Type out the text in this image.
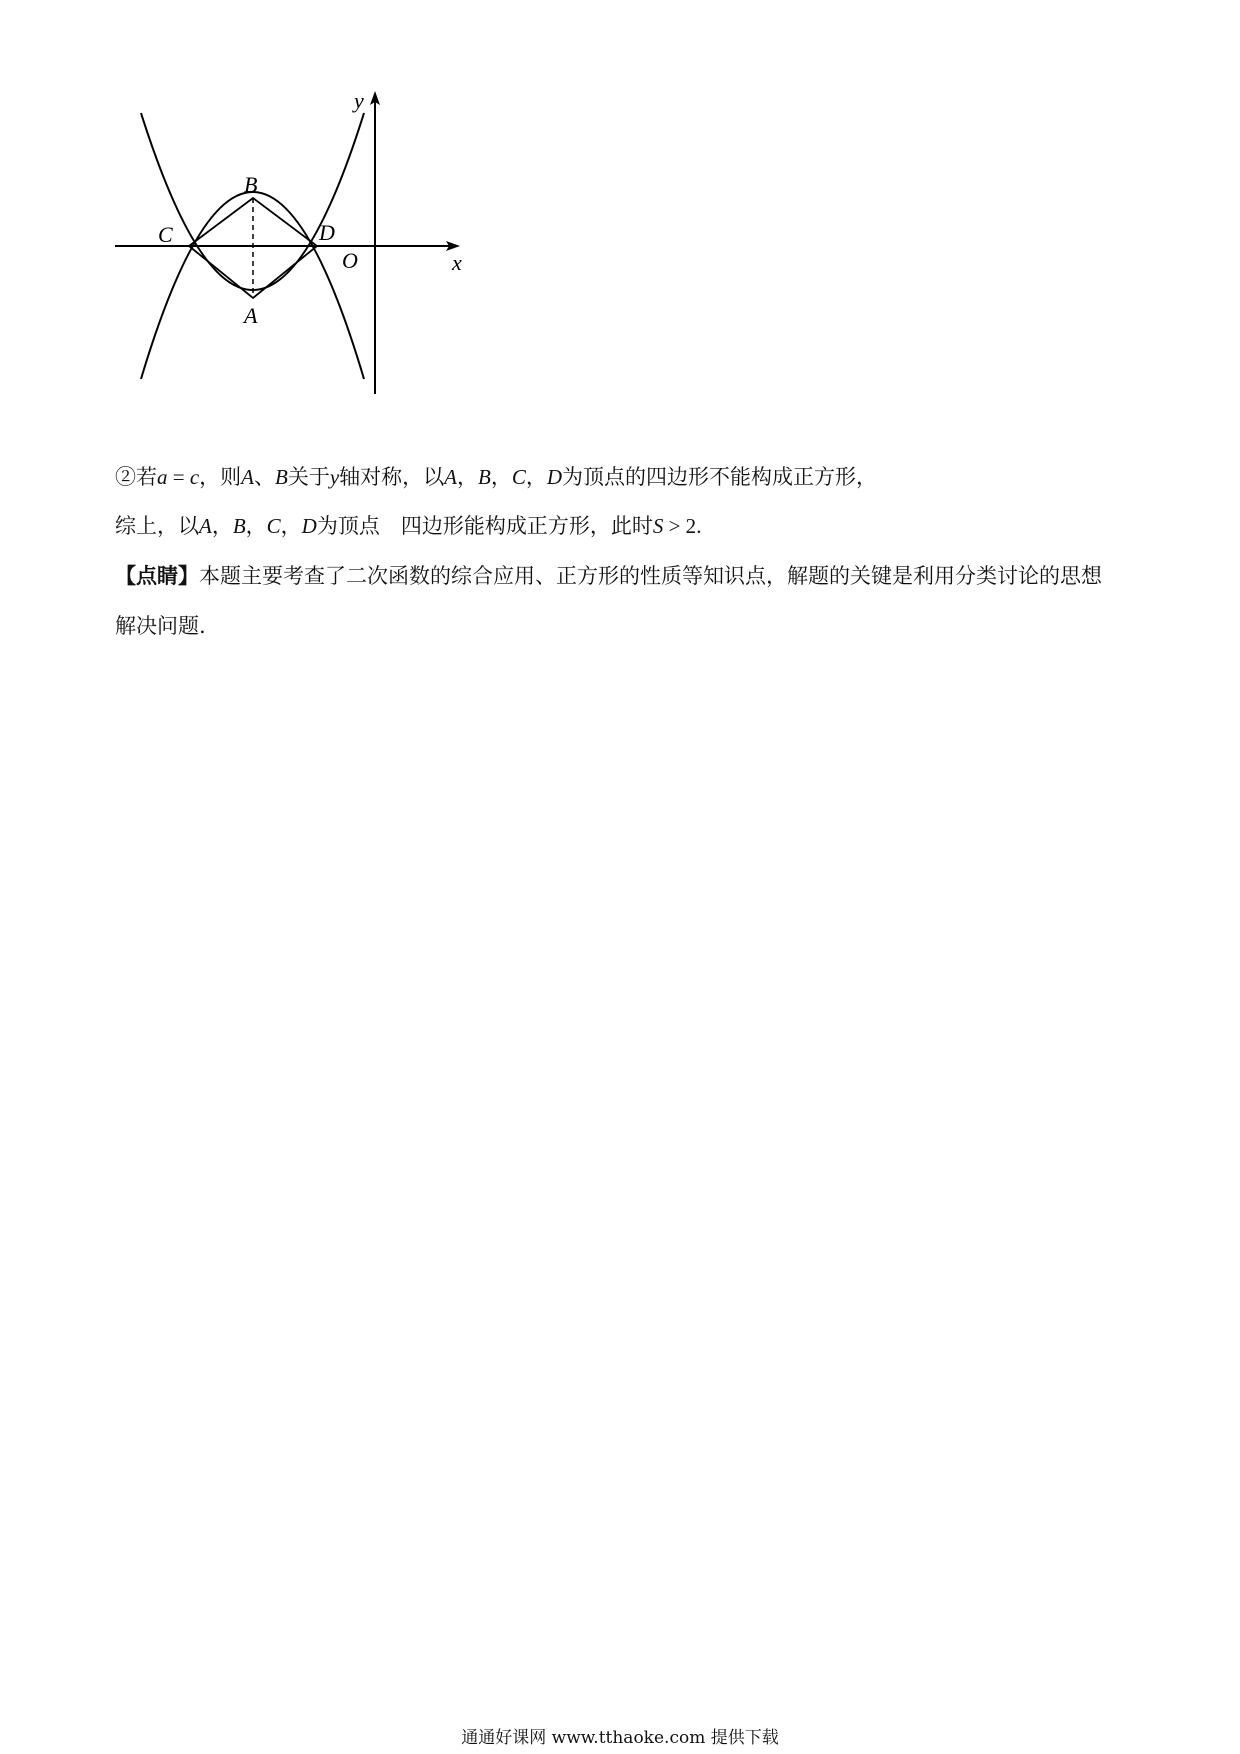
y
x
O
B
A
C	D
②若a = c，则A、B关于y轴对称，以A，B，C，D为顶点的四边形不能构成正方形，
综上，以A，B，C，D为顶点　四边形能构成正方形，此时S > 2.
【点睛】本题主要考查了二次函数的综合应用、正方形的性质等知识点，解题的关键是利用分类讨论的思想
解决问题.
通通好课网 www.tthaoke.com 提供下载
